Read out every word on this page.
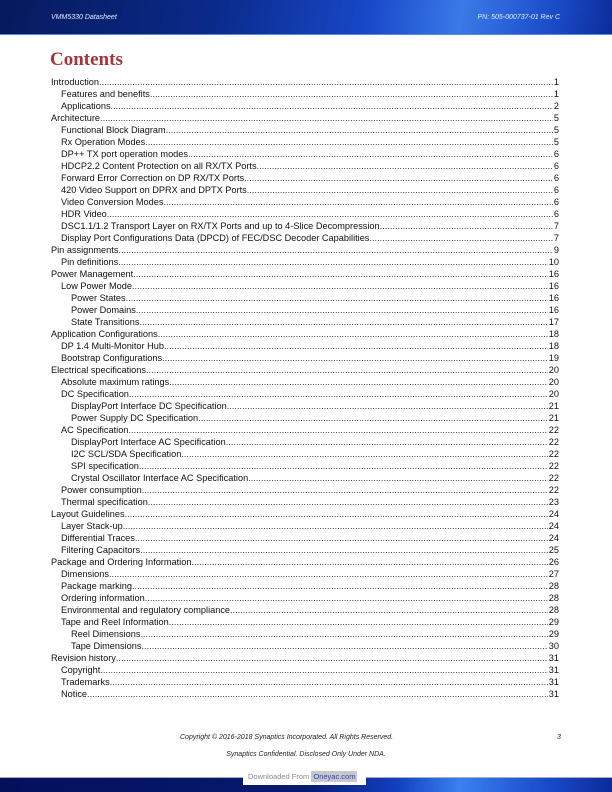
VMM5330 Datasheet	PN: 505-000737-01 Rev C
Contents
Introduction .....	1
Features and benefits .....	1
Applications .....	2
Architecture .....	5
Functional Block Diagram .....	5
Rx Operation Modes .....	5
DP++ TX port operation modes .....	6
HDCP2.2 Content Protection on all RX/TX Ports .....	6
Forward Error Correction on DP RX/TX Ports .....	6
420 Video Support on DPRX and DPTX Ports .....	6
Video Conversion Modes .....	6
HDR Video .....	6
DSC1.1/1.2 Transport Layer on RX/TX Ports and up to 4-Slice Decompression .....	7
Display Port Configurations Data (DPCD) of FEC/DSC Decoder Capabilities .....	7
Pin assignments .....	9
Pin definitions .....	10
Power Management .....	16
Low Power Mode .....	16
Power States .....	16
Power Domains .....	16
State Transitions .....	17
Application Configurations .....	18
DP 1.4 Multi-Monitor Hub .....	18
Bootstrap Configurations .....	19
Electrical specifications .....	20
Absolute maximum ratings .....	20
DC Specification .....	20
DisplayPort Interface DC Specification .....	21
Power Supply DC Specification .....	21
AC Specification .....	22
DisplayPort Interface AC Specification .....	22
I2C SCL/SDA Specification .....	22
SPI specification .....	22
Crystal Oscillator Interface AC Specification .....	22
Power consumption .....	22
Thermal specification .....	23
Layout Guidelines .....	24
Layer Stack-up .....	24
Differential Traces .....	24
Filtering Capacitors .....	25
Package and Ordering Information .....	26
Dimensions .....	27
Package marking .....	28
Ordering information .....	28
Environmental and regulatory compliance .....	28
Tape and Reel Information .....	29
Reel Dimensions .....	29
Tape Dimensions .....	30
Revision history .....	31
Copyright .....	31
Trademarks .....	31
Notice .....	31
Copyright © 2016-2018 Synaptics Incorporated. All Rights Reserved.	3
Synaptics Confidential. Disclosed Only Under NDA.
Downloaded From Oneyac.com
